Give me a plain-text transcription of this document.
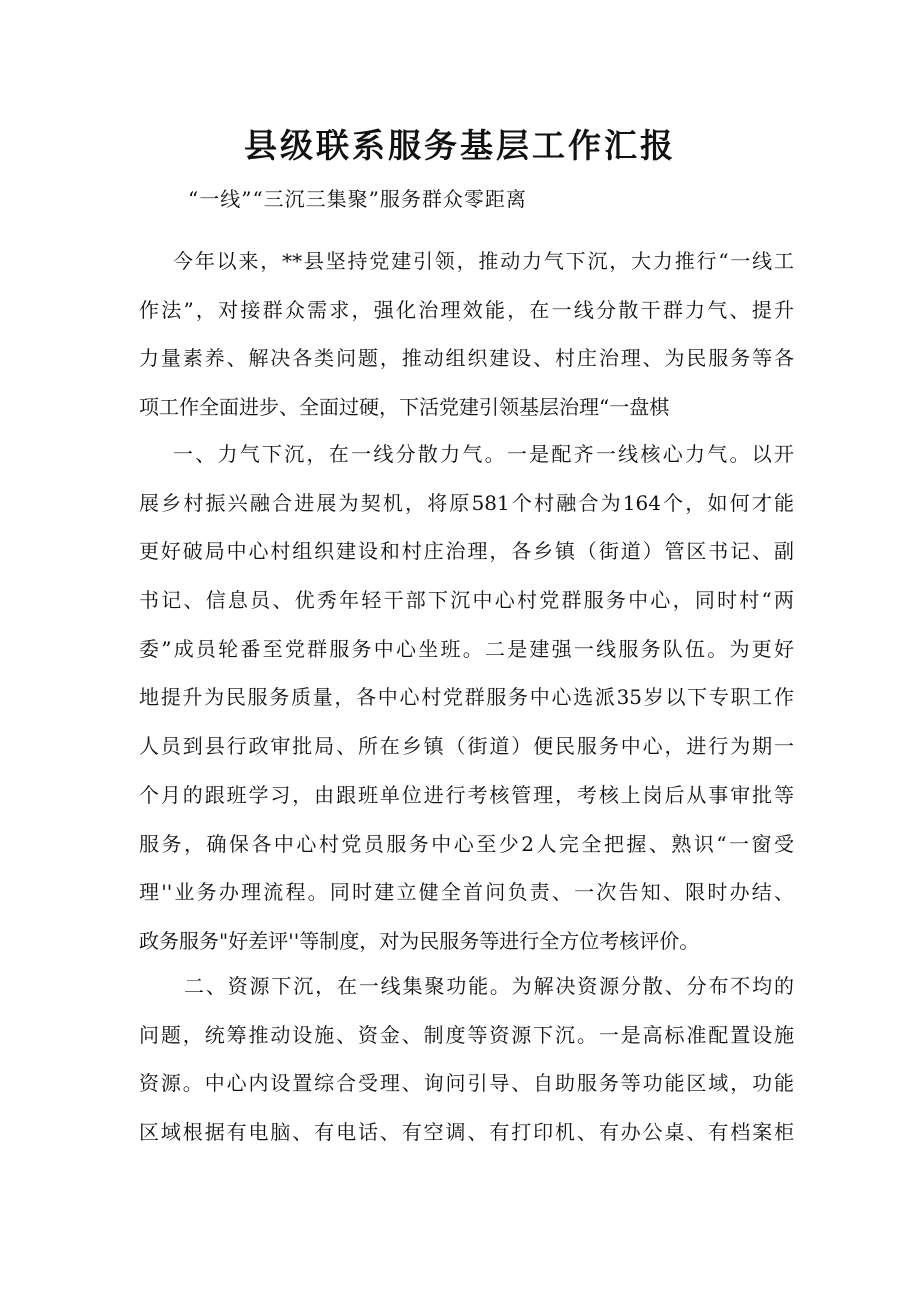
县级联系服务基层工作汇报
“一线”“三沉三集聚”服务群众零距离
今年以来，**县坚持党建引领，推动力气下沉，大力推行“一线工
作法”，对接群众需求，强化治理效能，在一线分散干群力气、提升
力量素养、解决各类问题，推动组织建设、村庄治理、为民服务等各
项工作全面进步、全面过硬，下活党建引领基层治理“一盘棋
一、力气下沉，在一线分散力气。一是配齐一线核心力气。以开
展乡村振兴融合进展为契机，将原581个村融合为164个，如何才能
更好破局中心村组织建设和村庄治理，各乡镇（街道）管区书记、副
书记、信息员、优秀年轻干部下沉中心村党群服务中心，同时村“两
委”成员轮番至党群服务中心坐班。二是建强一线服务队伍。为更好
地提升为民服务质量，各中心村党群服务中心选派35岁以下专职工作
人员到县行政审批局、所在乡镇（街道）便民服务中心，进行为期一
个月的跟班学习，由跟班单位进行考核管理，考核上岗后从事审批等
服务，确保各中心村党员服务中心至少2人完全把握、熟识“一窗受
理''业务办理流程。同时建立健全首问负责、一次告知、限时办结、
政务服务"好差评''等制度，对为民服务等进行全方位考核评价。
二、资源下沉，在一线集聚功能。为解决资源分散、分布不均的
问题，统筹推动设施、资金、制度等资源下沉。一是高标准配置设施
资源。中心内设置综合受理、询问引导、自助服务等功能区域，功能
区域根据有电脑、有电话、有空调、有打印机、有办公桌、有档案柜
